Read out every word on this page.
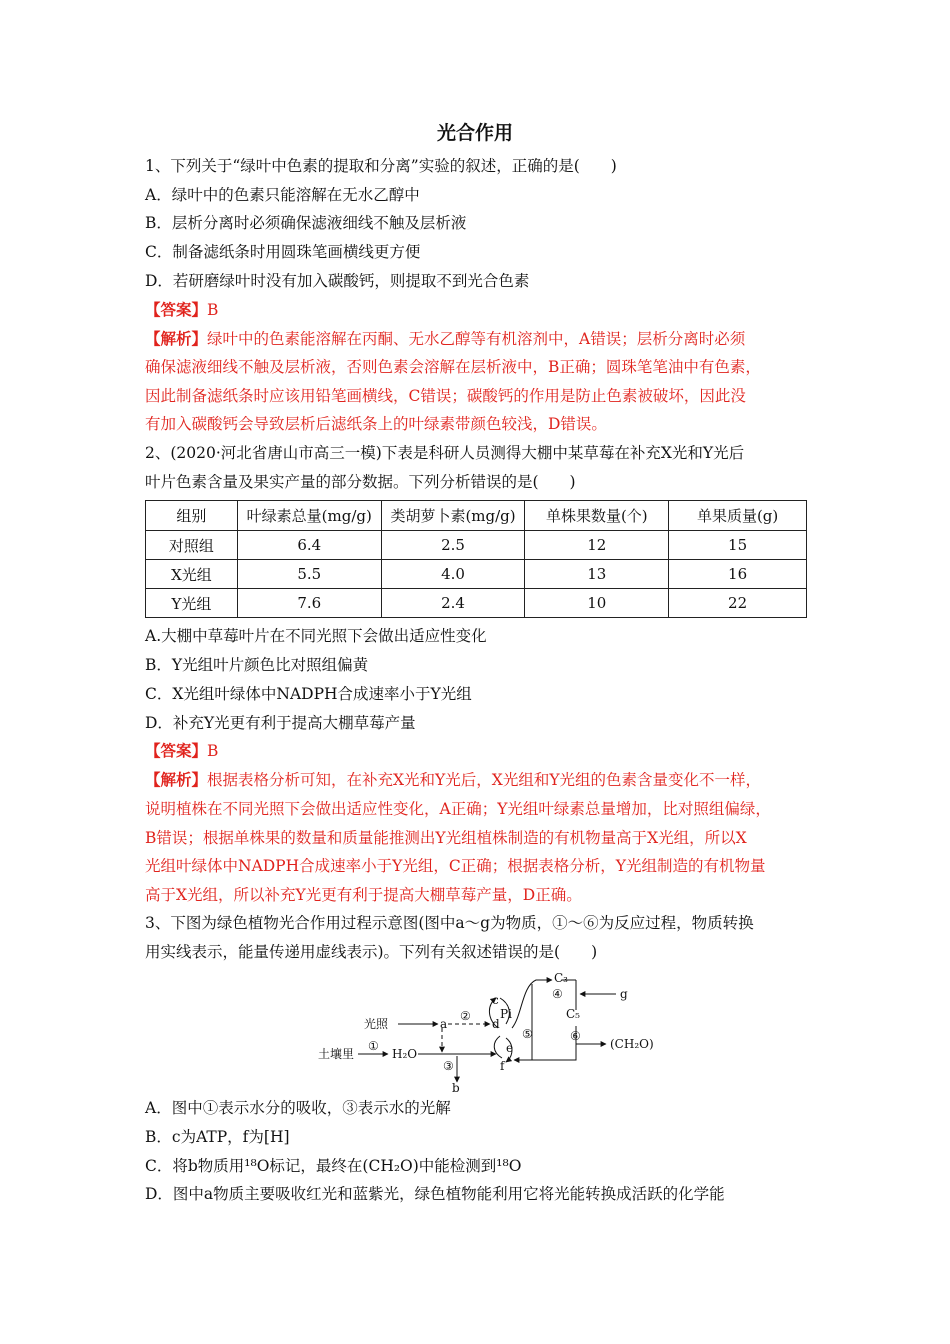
光合作用
1、下列关于“绿叶中色素的提取和分离”实验的叙述，正确的是(　　)
A．绿叶中的色素只能溶解在无水乙醇中
B．层析分离时必须确保滤液细线不触及层析液
C．制备滤纸条时用圆珠笔画横线更方便
D．若研磨绿叶时没有加入碳酸钙，则提取不到光合色素
【答案】B
【解析】绿叶中的色素能溶解在丙酮、无水乙醇等有机溶剂中，A错误；层析分离时必须
确保滤液细线不触及层析液，否则色素会溶解在层析液中，B正确；圆珠笔笔油中有色素，
因此制备滤纸条时应该用铅笔画横线，C错误；碳酸钙的作用是防止色素被破坏，因此没
有加入碳酸钙会导致层析后滤纸条上的叶绿素带颜色较浅，D错误。
2、(2020·河北省唐山市高三一模)下表是科研人员测得大棚中某草莓在补充X光和Y光后
叶片色素含量及果实产量的部分数据。下列分析错误的是(　　)
组别	叶绿素总量(mg/g)	类胡萝卜素(mg/g)	单株果数量(个)	单果质量(g)
对照组	6.4	2.5	12	15
X光组	5.5	4.0	13	16
Y光组	7.6	2.4	10	22
A.大棚中草莓叶片在不同光照下会做出适应性变化
B．Y光组叶片颜色比对照组偏黄
C．X光组叶绿体中NADPH合成速率小于Y光组
D．补充Y光更有利于提高大棚草莓产量
【答案】B
【解析】根据表格分析可知，在补充X光和Y光后，X光组和Y光组的色素含量变化不一样，
说明植株在不同光照下会做出适应性变化，A正确；Y光组叶绿素总量增加，比对照组偏绿，
B错误；根据单株果的数量和质量能推测出Y光组植株制造的有机物量高于X光组，所以X
光组叶绿体中NADPH合成速率小于Y光组，C正确；根据表格分析，Y光组制造的有机物量
高于X光组，所以补充Y光更有利于提高大棚草莓产量，D正确。
3、下图为绿色植物光合作用过程示意图(图中a～g为物质，①～⑥为反应过程，物质转换
用实线表示，能量传递用虚线表示)。下列有关叙述错误的是(　　)
光照
土壤里	H₂O
a
b
c
d
e
f
g
Pi
C₃
C₅
(CH₂O)
①
②
③
④
⑤	⑥
A．图中①表示水分的吸收，③表示水的光解
B．c为ATP，f为[H]
C．将b物质用¹⁸O标记，最终在(CH₂O)中能检测到¹⁸O
D．图中a物质主要吸收红光和蓝紫光，绿色植物能利用它将光能转换成活跃的化学能
